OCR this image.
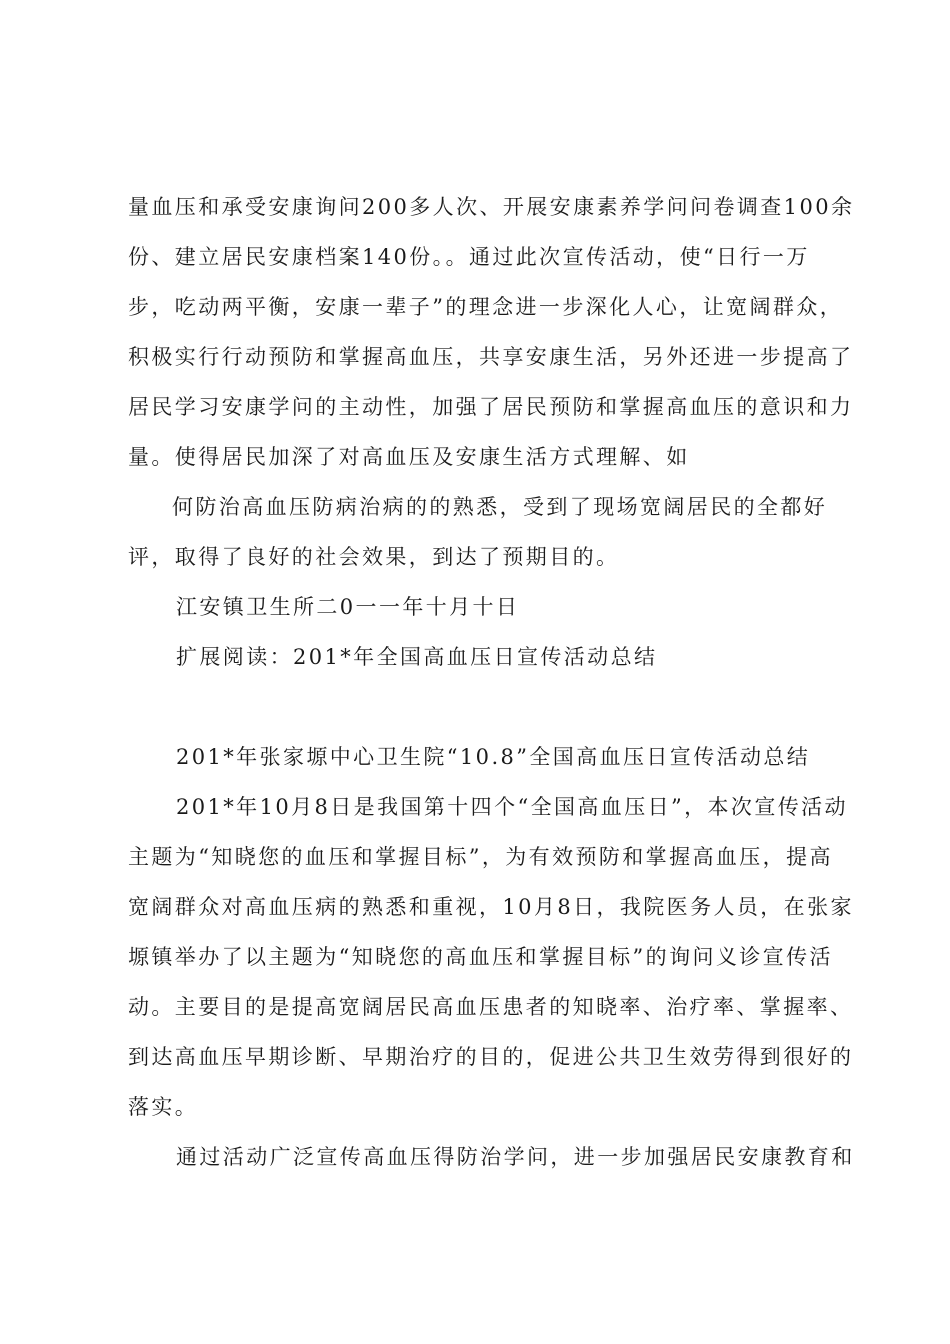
量血压和承受安康询问200多人次、开展安康素养学问问卷调查100余
份、建立居民安康档案140份。。通过此次宣传活动，使“日行一万
步，吃动两平衡，安康一辈子”的理念进一步深化人心，让宽阔群众，
积极实行行动预防和掌握高血压，共享安康生活，另外还进一步提高了
居民学习安康学问的主动性，加强了居民预防和掌握高血压的意识和力
量。使得居民加深了对高血压及安康生活方式理解、如
何防治高血压防病治病的的熟悉，受到了现场宽阔居民的全都好
评，取得了良好的社会效果，到达了预期目的。
江安镇卫生所二0一一年十月十日
扩展阅读：201*年全国高血压日宣传活动总结
201*年张家塬中心卫生院“10.8”全国高血压日宣传活动总结
201*年10月8日是我国第十四个“全国高血压日”，本次宣传活动
主题为“知晓您的血压和掌握目标”，为有效预防和掌握高血压，提高
宽阔群众对高血压病的熟悉和重视，10月8日，我院医务人员，在张家
塬镇举办了以主题为“知晓您的高血压和掌握目标”的询问义诊宣传活
动。主要目的是提高宽阔居民高血压患者的知晓率、治疗率、掌握率、
到达高血压早期诊断、早期治疗的目的，促进公共卫生效劳得到很好的
落实。
通过活动广泛宣传高血压得防治学问，进一步加强居民安康教育和
